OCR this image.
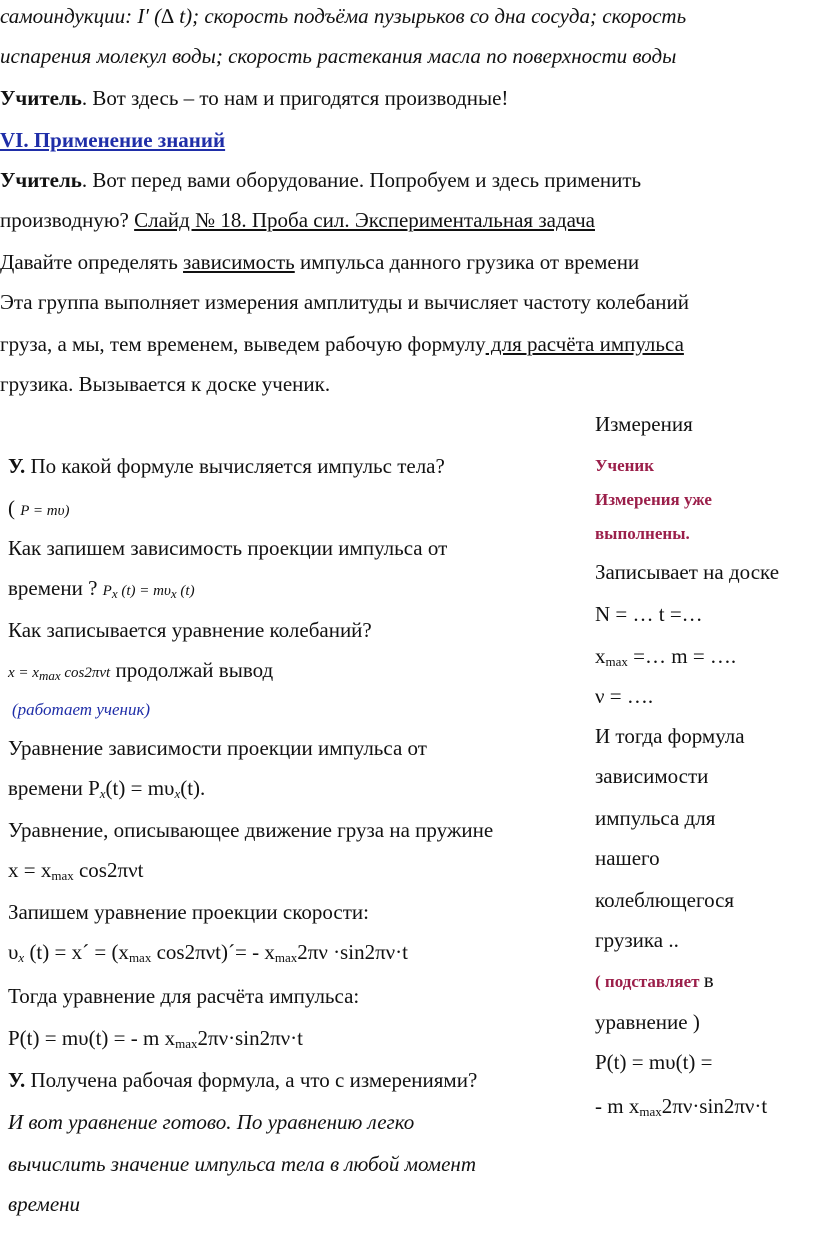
самоиндукции: I′ (∆ t); скорость подъёма пузырьков со дна сосуда; скорость
испарения молекул воды; скорость растекания масла по поверхности воды
Учитель. Вот здесь – то нам и пригодятся производные!
VI. Применение знаний
Учитель. Вот перед вами оборудование. Попробуем и здесь применить
производную? Слайд № 18. Проба сил. Экспериментальная задача
Давайте определять зависимость импульса данного грузика от времени
Эта группа выполняет измерения амплитуды и вычисляет частоту колебаний
груза, а мы, тем временем, выведем рабочую формулу для расчёта импульса
грузика. Вызывается к доске ученик.
У. По какой формуле вычисляется импульс тела?
( P = mυ)
Как запишем зависимость проекции импульса от
времени ? Px (t) = mυx (t)
Как записывается уравнение колебаний?
x = xmax cos2πνt продолжай вывод
(работает ученик)
Уравнение зависимости проекции импульса от
времени Px(t) = mυx(t).
Уравнение, описывающее движение груза на пружине
$x = x_{max}$ cos2πνt
Запишем уравнение проекции скорости:
υx (t) = x´ = ($x_{max}$ cos2πνt)´= - $x_{max}2\pi\nu \cdot\sin 2\pi\nu\cdot t$
Тогда уравнение для расчёта импульса:
P(t) = mυ(t) = - m $x_{max}2\pi\nu\cdot\sin 2\pi\nu\cdot t$
У. Получена рабочая формула, а что с измерениями?
И вот уравнение готово. По уравнению легко
вычислить значение импульса тела в любой момент
времени
Измерения
Ученик
Измерения уже
выполнены.
Записывает на доске
N = … t =…
$x_{max}$ =… m = ….
ν = ….
И тогда формула
зависимости
импульса для
нашего
колеблющегося
грузика ..
( подставляет в
уравнение )
P(t) = mυ(t) =
- m $x_{max}2\pi\nu\cdot\sin 2\pi\nu\cdot t$
